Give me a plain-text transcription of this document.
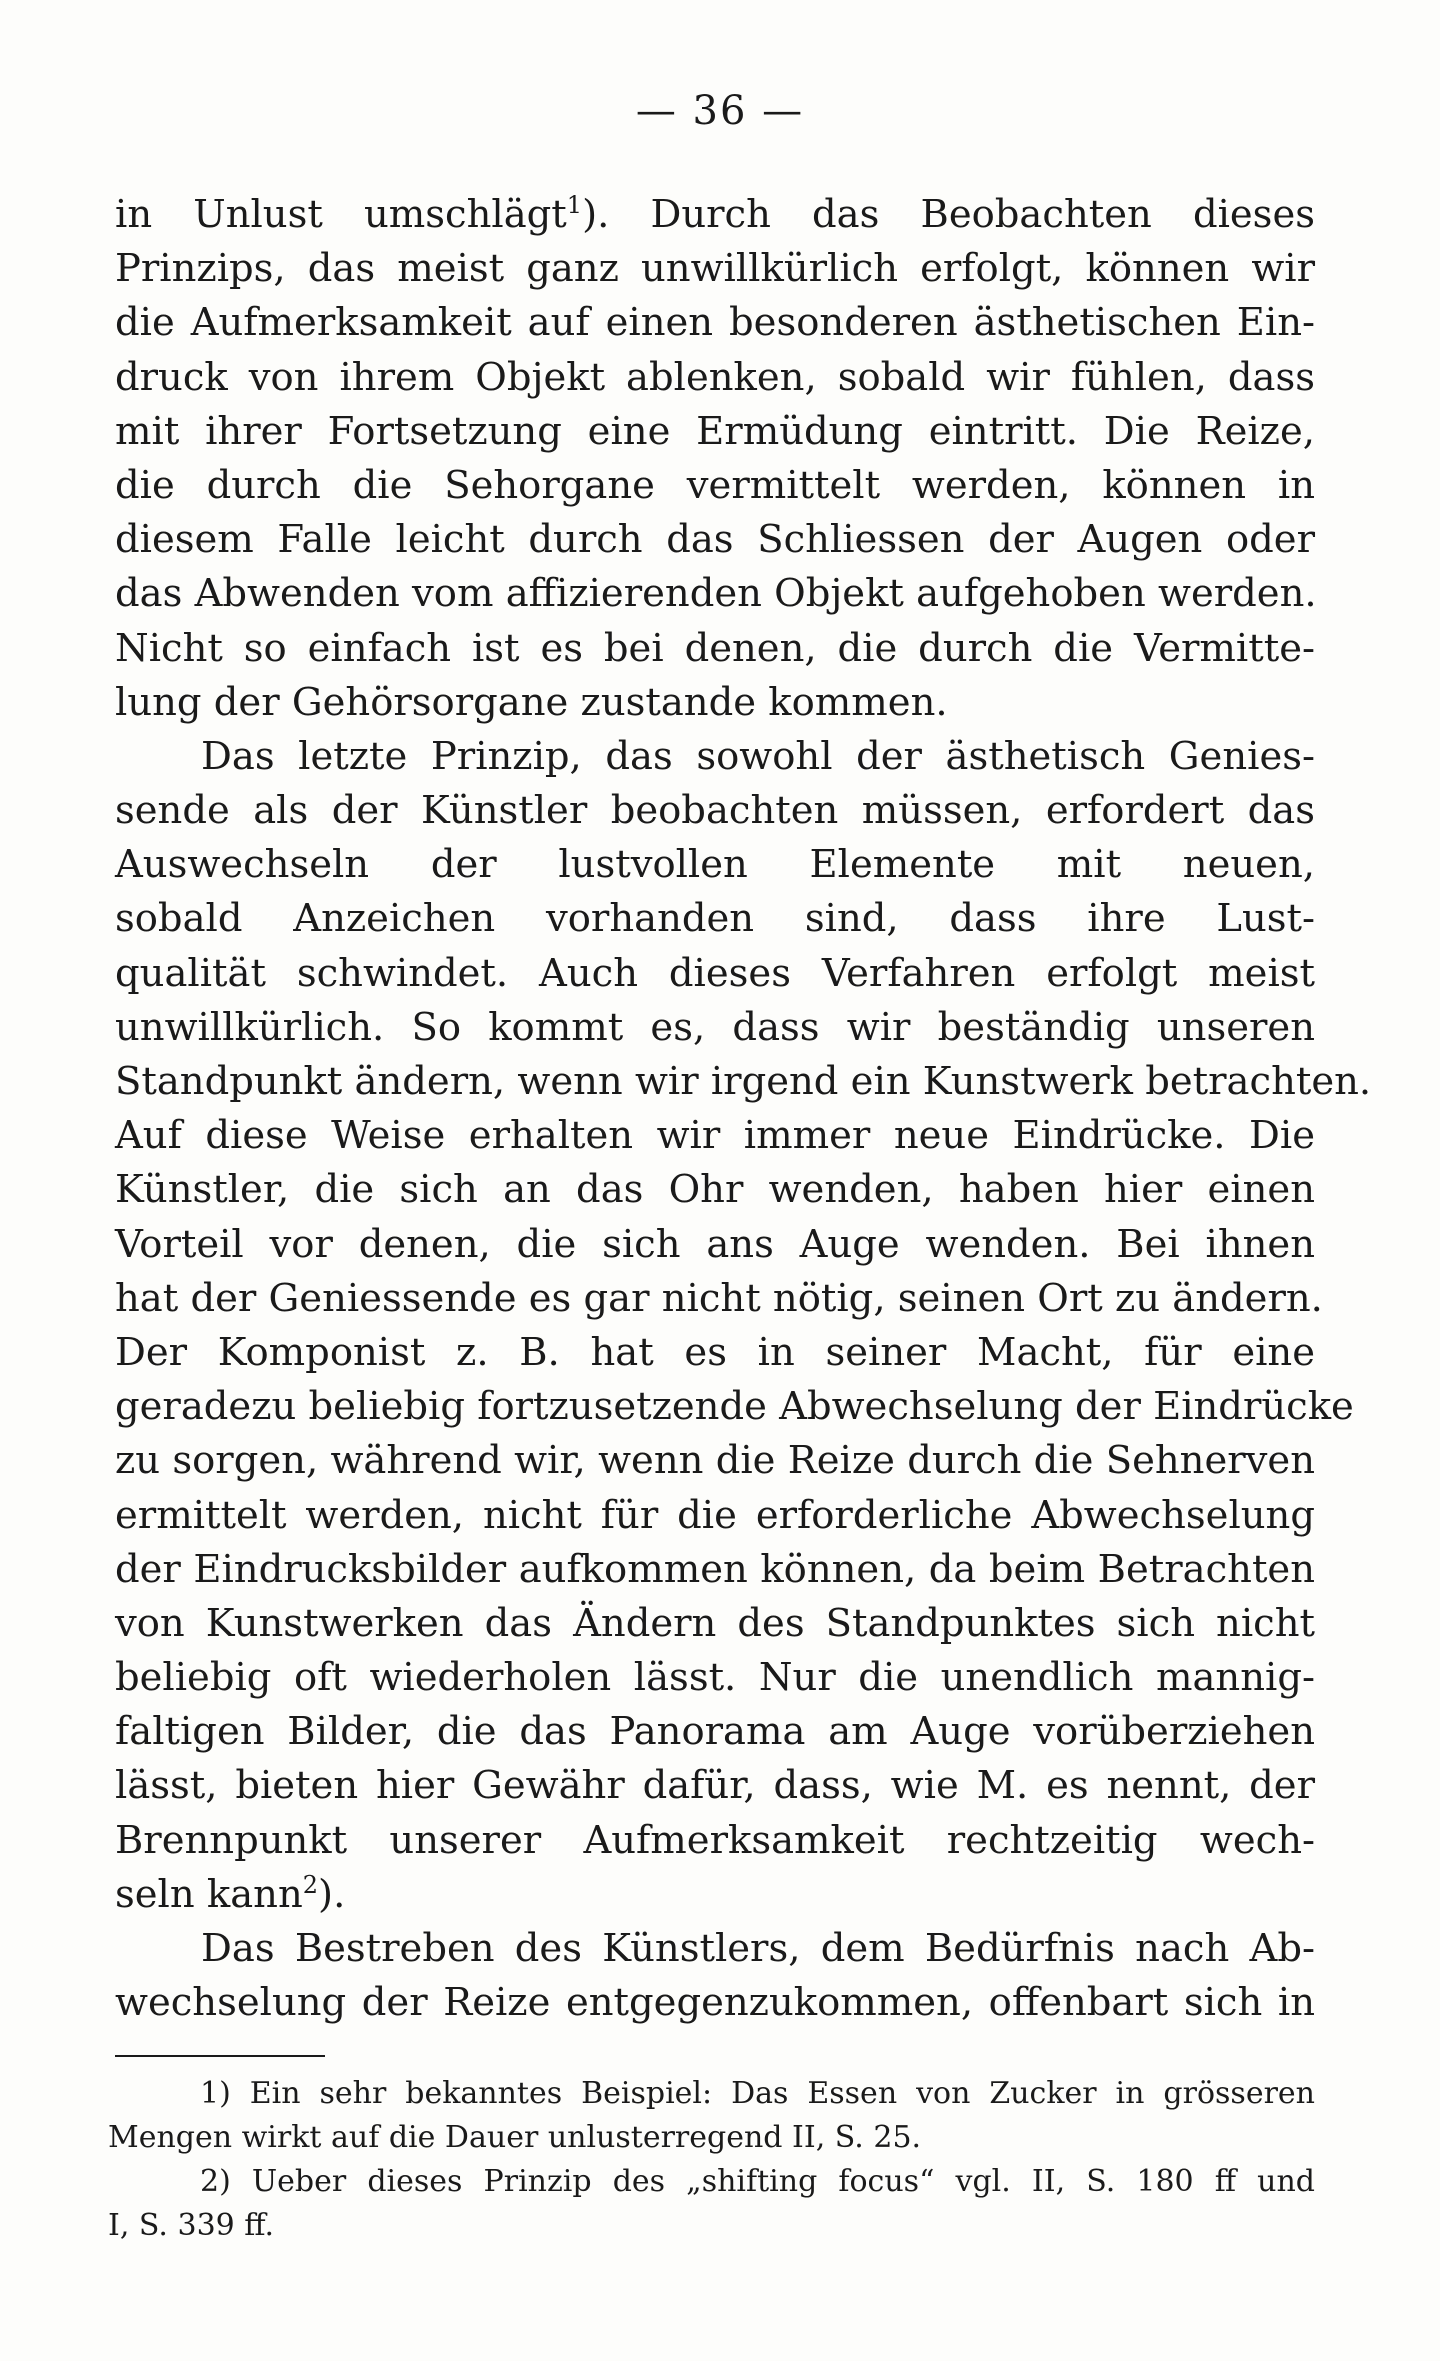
— 36 —
in Unlust umschlägt$^1$). Durch das Beobachten dieses
Prinzips, das meist ganz unwillkürlich erfolgt, können wir
die Aufmerksamkeit auf einen besonderen ästhetischen Ein-
druck von ihrem Objekt ablenken, sobald wir fühlen, dass
mit ihrer Fortsetzung eine Ermüdung eintritt. Die Reize,
die durch die Sehorgane vermittelt werden, können in
diesem Falle leicht durch das Schliessen der Augen oder
das Abwenden vom affizierenden Objekt aufgehoben werden.
Nicht so einfach ist es bei denen, die durch die Vermitte-
lung der Gehörsorgane zustande kommen.
Das letzte Prinzip, das sowohl der ästhetisch Genies-
sende als der Künstler beobachten müssen, erfordert das
Auswechseln der lustvollen Elemente mit neuen,
sobald Anzeichen vorhanden sind, dass ihre Lust-
qualität schwindet. Auch dieses Verfahren erfolgt meist
unwillkürlich. So kommt es, dass wir beständig unseren
Standpunkt ändern, wenn wir irgend ein Kunstwerk betrachten.
Auf diese Weise erhalten wir immer neue Eindrücke. Die
Künstler, die sich an das Ohr wenden, haben hier einen
Vorteil vor denen, die sich ans Auge wenden. Bei ihnen
hat der Geniessende es gar nicht nötig, seinen Ort zu ändern.
Der Komponist z. B. hat es in seiner Macht, für eine
geradezu beliebig fortzusetzende Abwechselung der Eindrücke
zu sorgen, während wir, wenn die Reize durch die Sehnerven
ermittelt werden, nicht für die erforderliche Abwechselung
der Eindrucksbilder aufkommen können, da beim Betrachten
von Kunstwerken das Ändern des Standpunktes sich nicht
beliebig oft wiederholen lässt. Nur die unendlich mannig-
faltigen Bilder, die das Panorama am Auge vorüberziehen
lässt, bieten hier Gewähr dafür, dass, wie M. es nennt, der
Brennpunkt unserer Aufmerksamkeit rechtzeitig wech-
seln kann$^2$).
Das Bestreben des Künstlers, dem Bedürfnis nach Ab-
wechselung der Reize entgegenzukommen, offenbart sich in
1) Ein sehr bekanntes Beispiel: Das Essen von Zucker in grösseren
Mengen wirkt auf die Dauer unlusterregend II, S. 25.
2) Ueber dieses Prinzip des „shifting focus“ vgl. II, S. 180 ff und
I, S. 339 ff.
